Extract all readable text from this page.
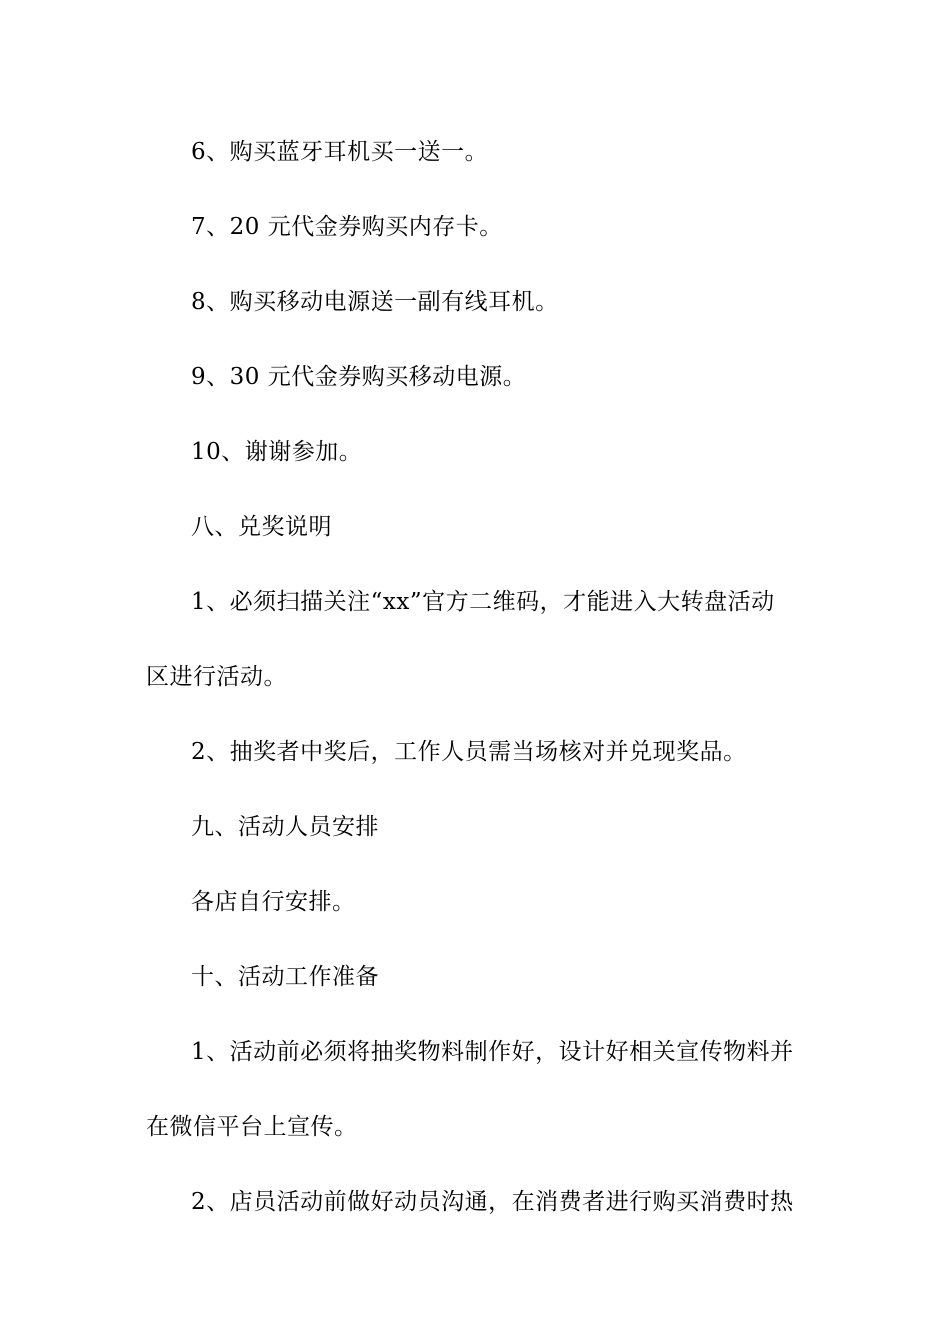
6、购买蓝牙耳机买一送一。
7、20 元代金券购买内存卡。
8、购买移动电源送一副有线耳机。
9、30 元代金券购买移动电源。
10、谢谢参加。
八、兑奖说明
1、必须扫描关注“xx”官方二维码，才能进入大转盘活动
区进行活动。
2、抽奖者中奖后，工作人员需当场核对并兑现奖品。
九、活动人员安排
各店自行安排。
十、活动工作准备
1、活动前必须将抽奖物料制作好，设计好相关宣传物料并
在微信平台上宣传。
2、店员活动前做好动员沟通，在消费者进行购买消费时热
